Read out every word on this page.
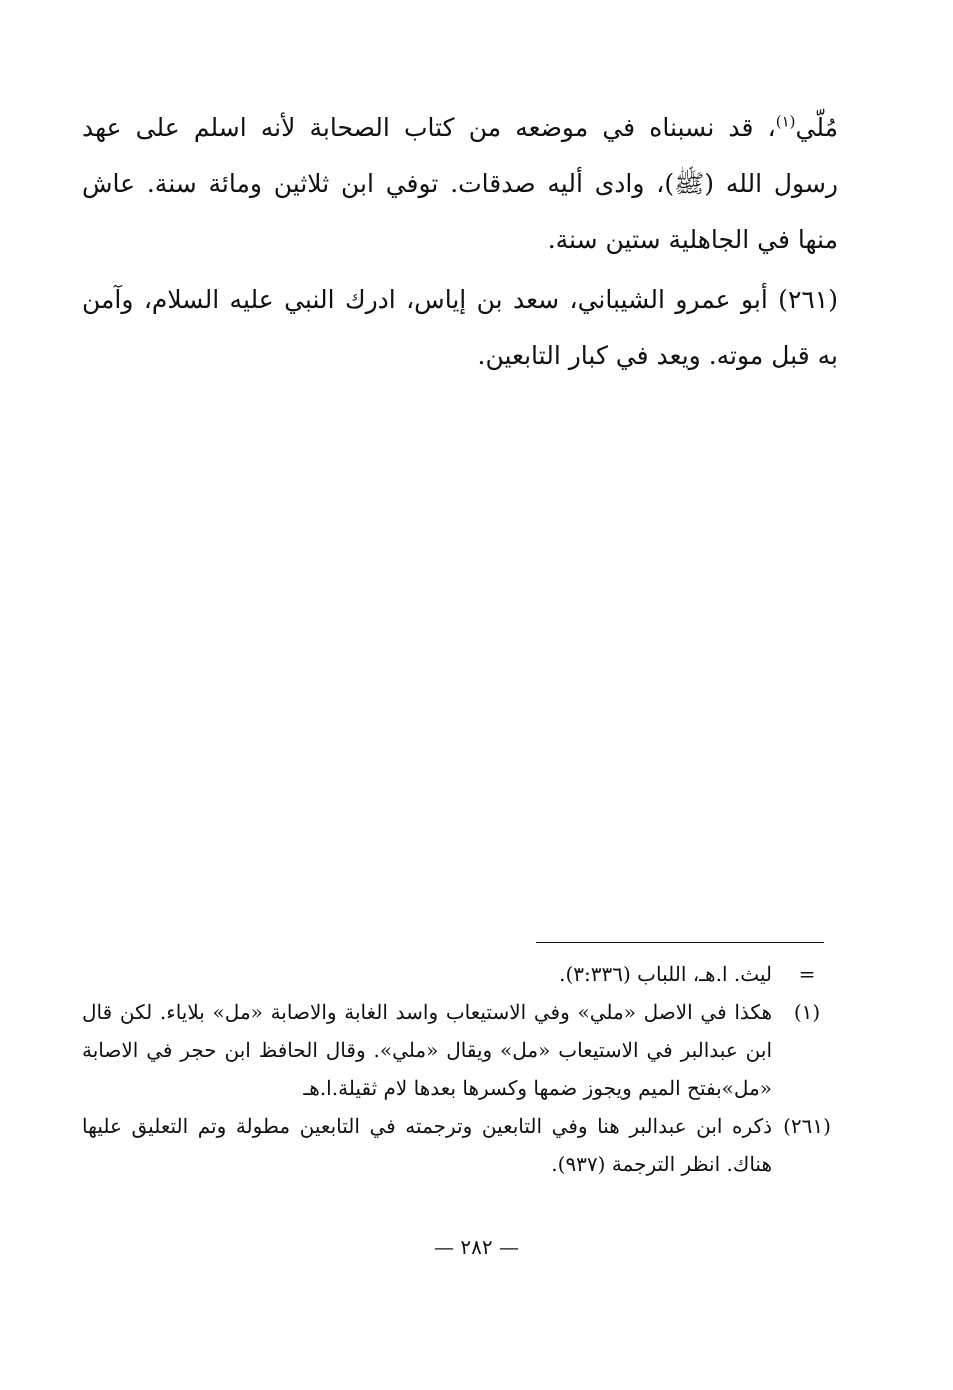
مُلّي$^{(١)}$، قد نسبناه في موضعه من كتاب الصحابة لأنه اسلم على عهد رسول الله (ﷺ)، وادى أليه صدقات. توفي ابن ثلاثين ومائة سنة. عاش منها في الجاهلية ستين سنة.
(٢٦١) أبو عمرو الشيباني، سعد بن إياس، ادرك النبي عليه السلام، وآمن به قبل موته. ويعد في كبار التابعين.
=
ليث. ا.هـ، اللباب (٣:٣٣٦).
(١)
هكذا في الاصل «ملي» وفي الاستيعاب واسد الغابة والاصابة «مل» بلاياء. لكن قال ابن عبدالبر في الاستيعاب «مل» ويقال «ملي». وقال الحافظ ابن حجر في الاصابة «مل»بفتح الميم ويجوز ضمها وكسرها بعدها لام ثقيلة.ا.هـ
(٢٦١)
ذكره ابن عبدالبر هنا وفي التابعين وترجمته في التابعين مطولة وتم التعليق عليها هناك. انظر الترجمة (٩٣٧).
— ٢٨٢ —
